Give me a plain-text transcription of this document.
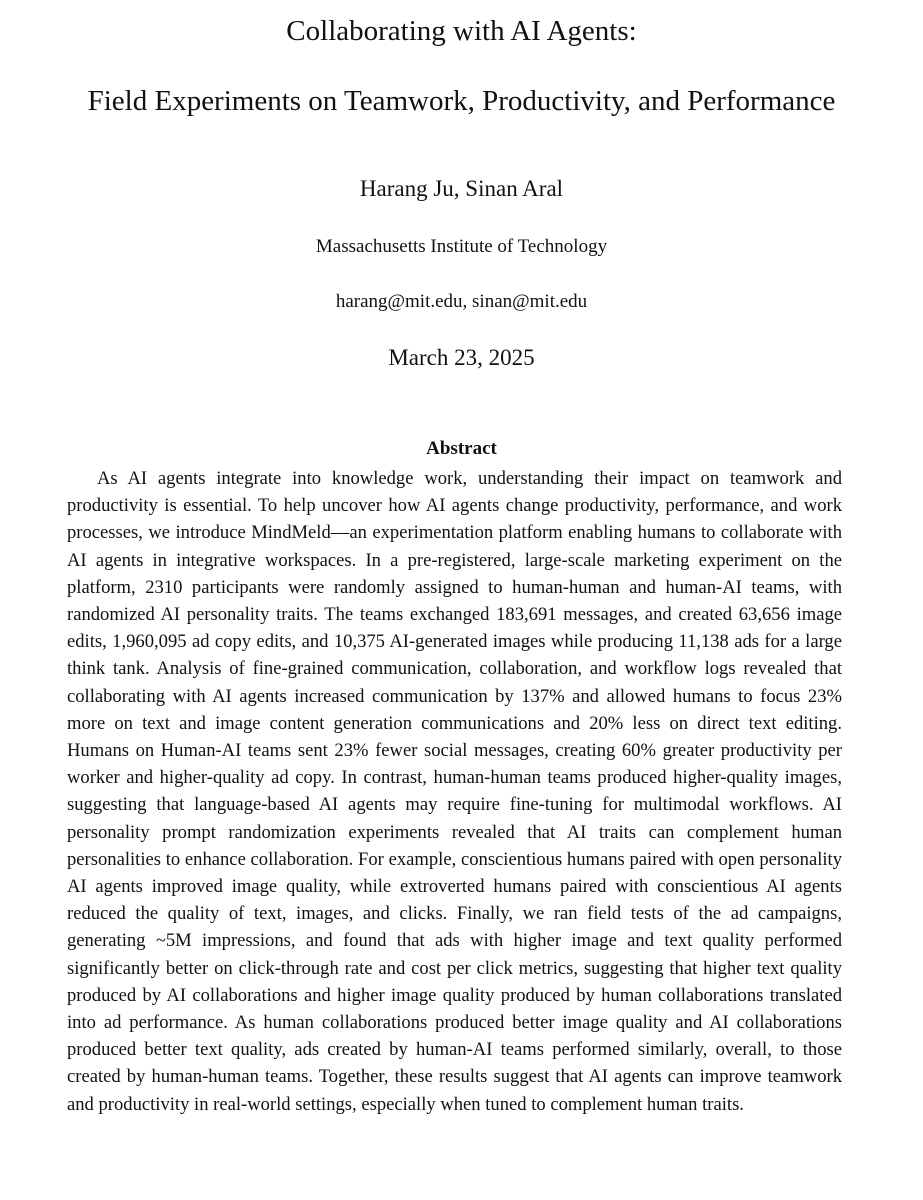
Collaborating with AI Agents:
Field Experiments on Teamwork, Productivity, and Performance
Harang Ju, Sinan Aral
Massachusetts Institute of Technology
harang@mit.edu, sinan@mit.edu
March 23, 2025
Abstract

As AI agents integrate into knowledge work, understanding their impact on teamwork and productivity is essential. To help uncover how AI agents change productivity, performance, and work processes, we introduce MindMeld—an experimentation platform enabling humans to collaborate with AI agents in integrative workspaces. In a pre-registered, large-scale marketing experiment on the platform, 2310 participants were randomly assigned to human-human and human-AI teams, with randomized AI personality traits. The teams exchanged 183,691 messages, and created 63,656 image edits, 1,960,095 ad copy edits, and 10,375 AI-generated images while producing 11,138 ads for a large think tank. Analysis of fine-grained communication, collaboration, and workflow logs revealed that collaborating with AI agents increased communication by 137% and allowed humans to focus 23% more on text and image content generation communications and 20% less on direct text editing. Humans on Human-AI teams sent 23% fewer social messages, creating 60% greater productivity per worker and higher-quality ad copy. In contrast, human-human teams produced higher-quality images, suggesting that language-based AI agents may require fine-tuning for multimodal workflows. AI personality prompt randomization experiments revealed that AI traits can complement human personalities to enhance collaboration. For example, conscientious humans paired with open personality AI agents improved image quality, while extroverted humans paired with conscientious AI agents reduced the quality of text, images, and clicks. Finally, we ran field tests of the ad campaigns, generating ~5M impressions, and found that ads with higher image and text quality performed significantly better on click-through rate and cost per click metrics, suggesting that higher text quality produced by AI collaborations and higher image quality produced by human collaborations translated into ad performance. As human collaborations produced better image quality and AI collaborations produced better text quality, ads created by human-AI teams performed similarly, overall, to those created by human-human teams. Together, these results suggest that AI agents can improve teamwork and productivity in real-world settings, especially when tuned to complement human traits.
